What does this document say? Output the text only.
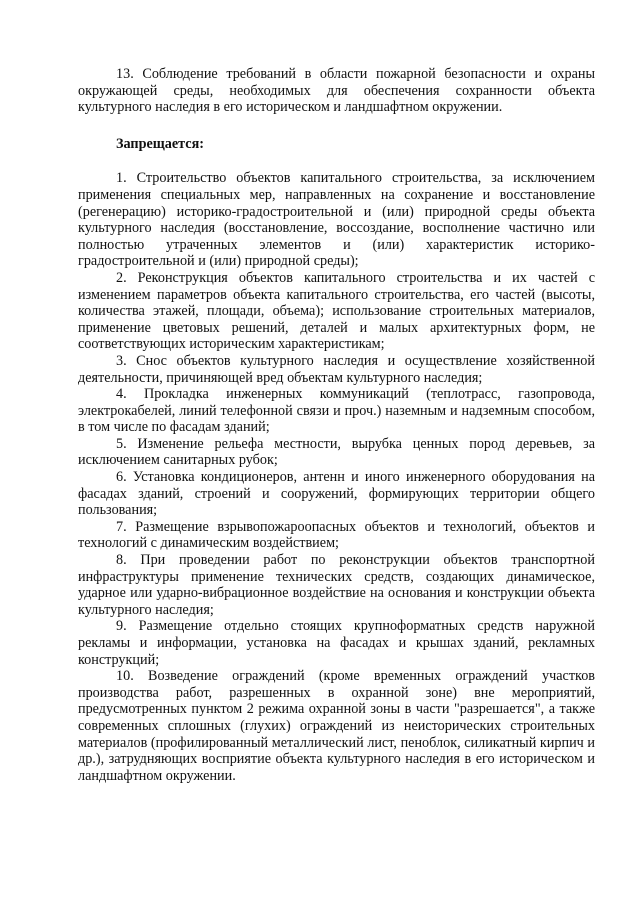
13. Соблюдение требований в области пожарной безопасности и охраны окружающей среды, необходимых для обеспечения сохранности объекта культурного наследия в его историческом и ландшафтном окружении.

Запрещается:

1. Строительство объектов капитального строительства, за исключением применения специальных мер, направленных на сохранение и восстановление (регенерацию) историко-градостроительной и (или) природной среды объекта культурного наследия (восстановление, воссоздание, восполнение частично или полностью утраченных элементов и (или) характеристик историко-градостроительной и (или) природной среды);

2. Реконструкция объектов капитального строительства и их частей с изменением параметров объекта капитального строительства, его частей (высоты, количества этажей, площади, объема); использование строительных материалов, применение цветовых решений, деталей и малых архитектурных форм, не соответствующих историческим характеристикам;

3. Снос объектов культурного наследия и осуществление хозяйственной деятельности, причиняющей вред объектам культурного наследия;

4. Прокладка инженерных коммуникаций (теплотрасс, газопровода, электрокабелей, линий телефонной связи и проч.) наземным и надземным способом, в том числе по фасадам зданий;

5. Изменение рельефа местности, вырубка ценных пород деревьев, за исключением санитарных рубок;

6. Установка кондиционеров, антенн и иного инженерного оборудования на фасадах зданий, строений и сооружений, формирующих территории общего пользования;

7. Размещение взрывопожароопасных объектов и технологий, объектов и технологий с динамическим воздействием;

8. При проведении работ по реконструкции объектов транспортной инфраструктуры применение технических средств, создающих динамическое, ударное или ударно-вибрационное воздействие на основания и конструкции объекта культурного наследия;

9. Размещение отдельно стоящих крупноформатных средств наружной рекламы и информации, установка на фасадах и крышах зданий, рекламных конструкций;

10. Возведение ограждений (кроме временных ограждений участков производства работ, разрешенных в охранной зоне) вне мероприятий, предусмотренных пунктом 2 режима охранной зоны в части "разрешается", а также современных сплошных (глухих) ограждений из неисторических строительных материалов (профилированный металлический лист, пеноблок, силикатный кирпич и др.), затрудняющих восприятие объекта культурного наследия в его историческом и ландшафтном окружении.
